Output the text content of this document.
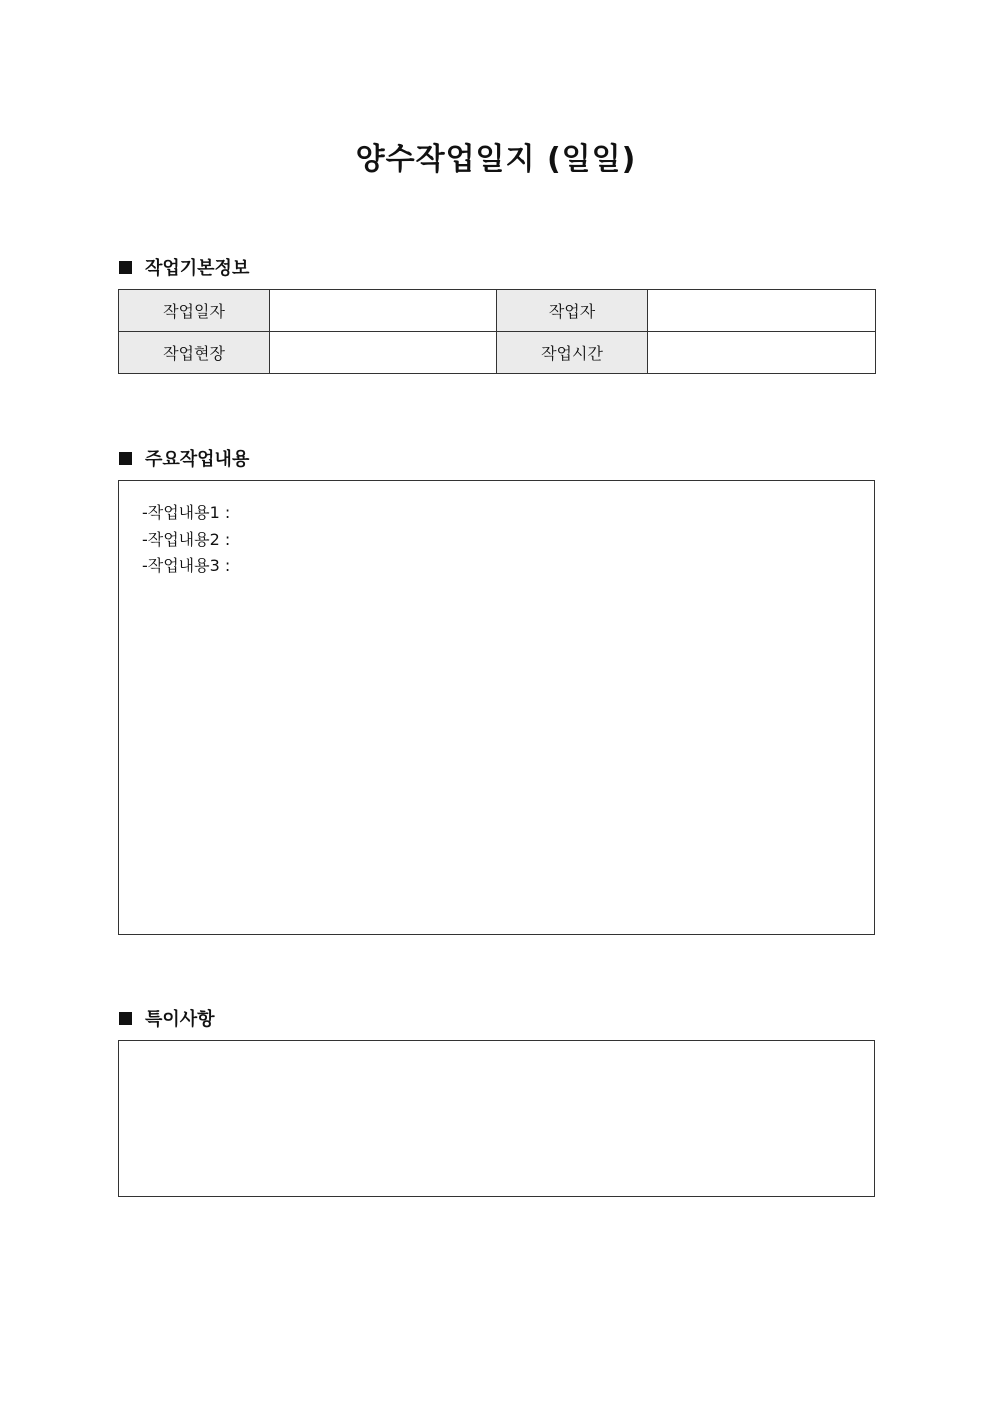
양수작업일지 (일일)
작업기본정보
작업일자		작업자	
작업현장		작업시간	
주요작업내용
-작업내용1 :
-작업내용2 :
-작업내용3 :
특이사항
